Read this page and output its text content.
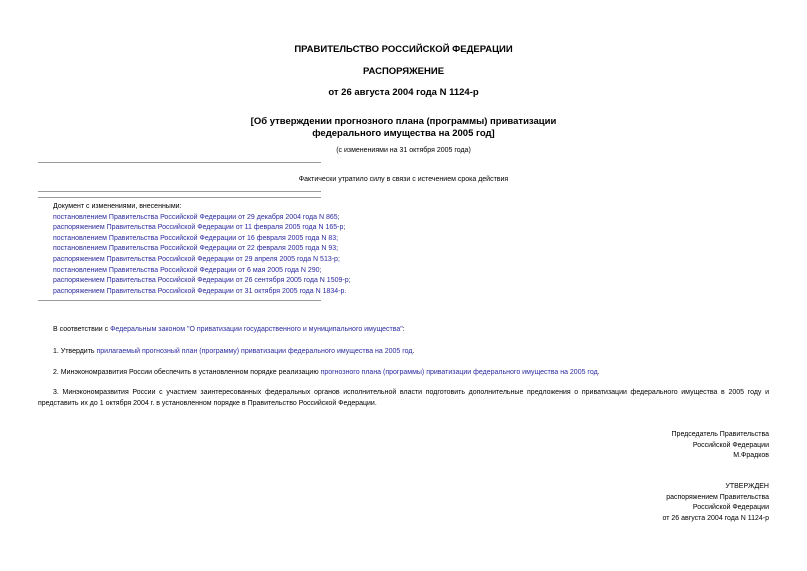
ПРАВИТЕЛЬСТВО РОССИЙСКОЙ ФЕДЕРАЦИИ
РАСПОРЯЖЕНИЕ
от 26 августа 2004 года N 1124-р
[Об утверждении прогнозного плана (программы) приватизации
федерального имущества на 2005 год]
(с изменениями на 31 октября 2005 года)
Фактически утратило силу в связи с истечением срока действия
Документ с изменениями, внесенными:
постановлением Правительства Российской Федерации от 29 декабря 2004 года N 865;
распоряжением Правительства Российской Федерации от 11 февраля 2005 года N 165-р;
постановлением Правительства Российской Федерации от 16 февраля 2005 года N 83;
постановлением Правительства Российской Федерации от 22 февраля 2005 года N 93;
распоряжением Правительства Российской Федерации от 29 апреля 2005 года N 513-р;
постановлением Правительства Российской Федерации от 6 мая 2005 года N 290;
распоряжением Правительства Российской Федерации от 26 сентября 2005 года N 1509-р;
распоряжением Правительства Российской Федерации от 31 октября 2005 года N 1834-р.
В соответствии с Федеральным законом "О приватизации государственного и муниципального имущества":
1. Утвердить прилагаемый прогнозный план (программу) приватизации федерального имущества на 2005 год.
2. Минэкономразвития России обеспечить в установленном порядке реализацию прогнозного плана (программы) приватизации федерального имущества на 2005 год.
3. Минэкономразвития России с участием заинтересованных федеральных органов исполнительной власти подготовить дополнительные предложения о приватизации федерального имущества в 2005 году и представить их до 1 октября 2004 г. в установленном порядке в Правительство Российской Федерации.
Председатель Правительства
Российской Федерации
М.Фрадков
УТВЕРЖДЕН
распоряжением Правительства
Российской Федерации
от 26 августа 2004 года N 1124-р
